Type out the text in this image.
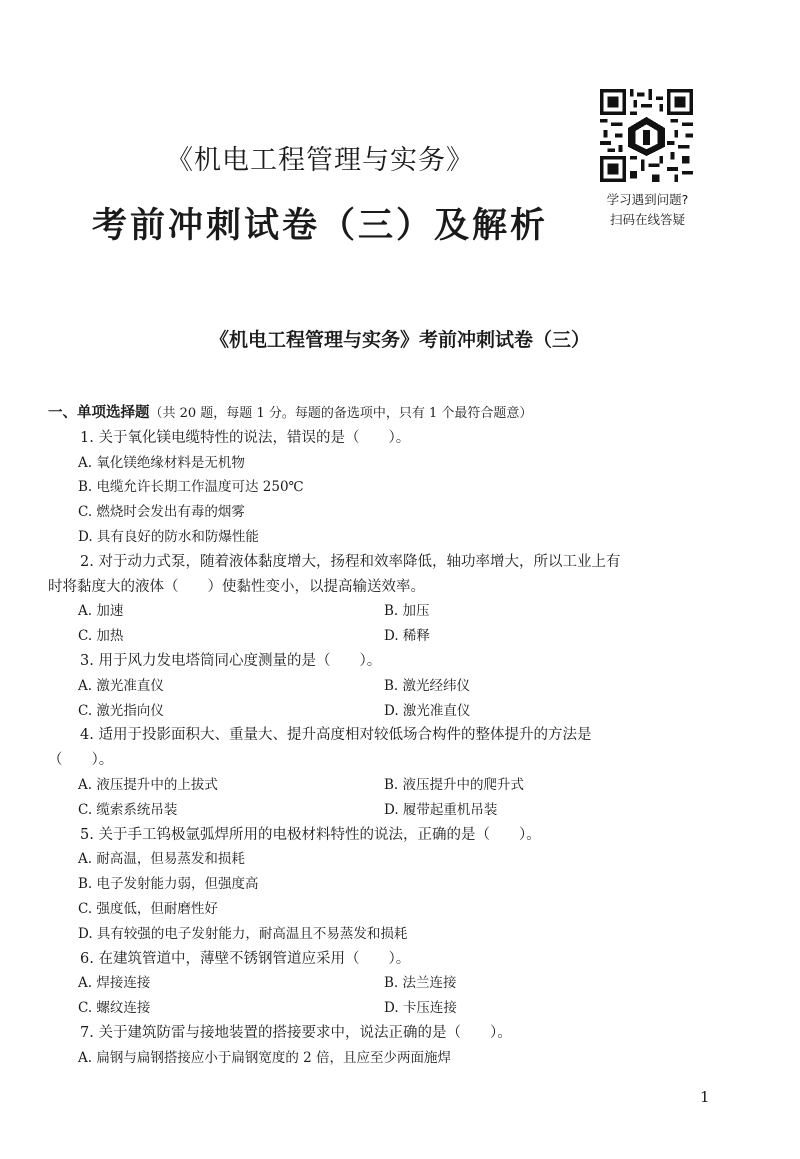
《机电工程管理与实务》
考前冲刺试卷（三）及解析
学习遇到问题?
扫码在线答疑
《机电工程管理与实务》考前冲刺试卷（三）
一、单项选择题（共 20 题，每题 1 分。每题的备选项中，只有 1 个最符合题意）
1. 关于氧化镁电缆特性的说法，错误的是（　　）。
A. 氧化镁绝缘材料是无机物
B. 电缆允许长期工作温度可达 250℃
C. 燃烧时会发出有毒的烟雾
D. 具有良好的防水和防爆性能
2. 对于动力式泵，随着液体黏度增大，扬程和效率降低，轴功率增大，所以工业上有
时将黏度大的液体（　　）使黏性变小，以提高输送效率。
A. 加速	B. 加压
C. 加热	D. 稀释
3. 用于风力发电塔筒同心度测量的是（　　）。
A. 激光准直仪	B. 激光经纬仪
C. 激光指向仪	D. 激光准直仪
4. 适用于投影面积大、重量大、提升高度相对较低场合构件的整体提升的方法是
（　　）。
A. 液压提升中的上拔式	B. 液压提升中的爬升式
C. 缆索系统吊装	D. 履带起重机吊装
5. 关于手工钨极氩弧焊所用的电极材料特性的说法，正确的是（　　）。
A. 耐高温，但易蒸发和损耗
B. 电子发射能力弱，但强度高
C. 强度低，但耐磨性好
D. 具有较强的电子发射能力，耐高温且不易蒸发和损耗
6. 在建筑管道中，薄壁不锈钢管道应采用（　　）。
A. 焊接连接	B. 法兰连接
C. 螺纹连接	D. 卡压连接
7. 关于建筑防雷与接地装置的搭接要求中，说法正确的是（　　）。
A. 扁钢与扁钢搭接应小于扁钢宽度的 2 倍，且应至少两面施焊
1
